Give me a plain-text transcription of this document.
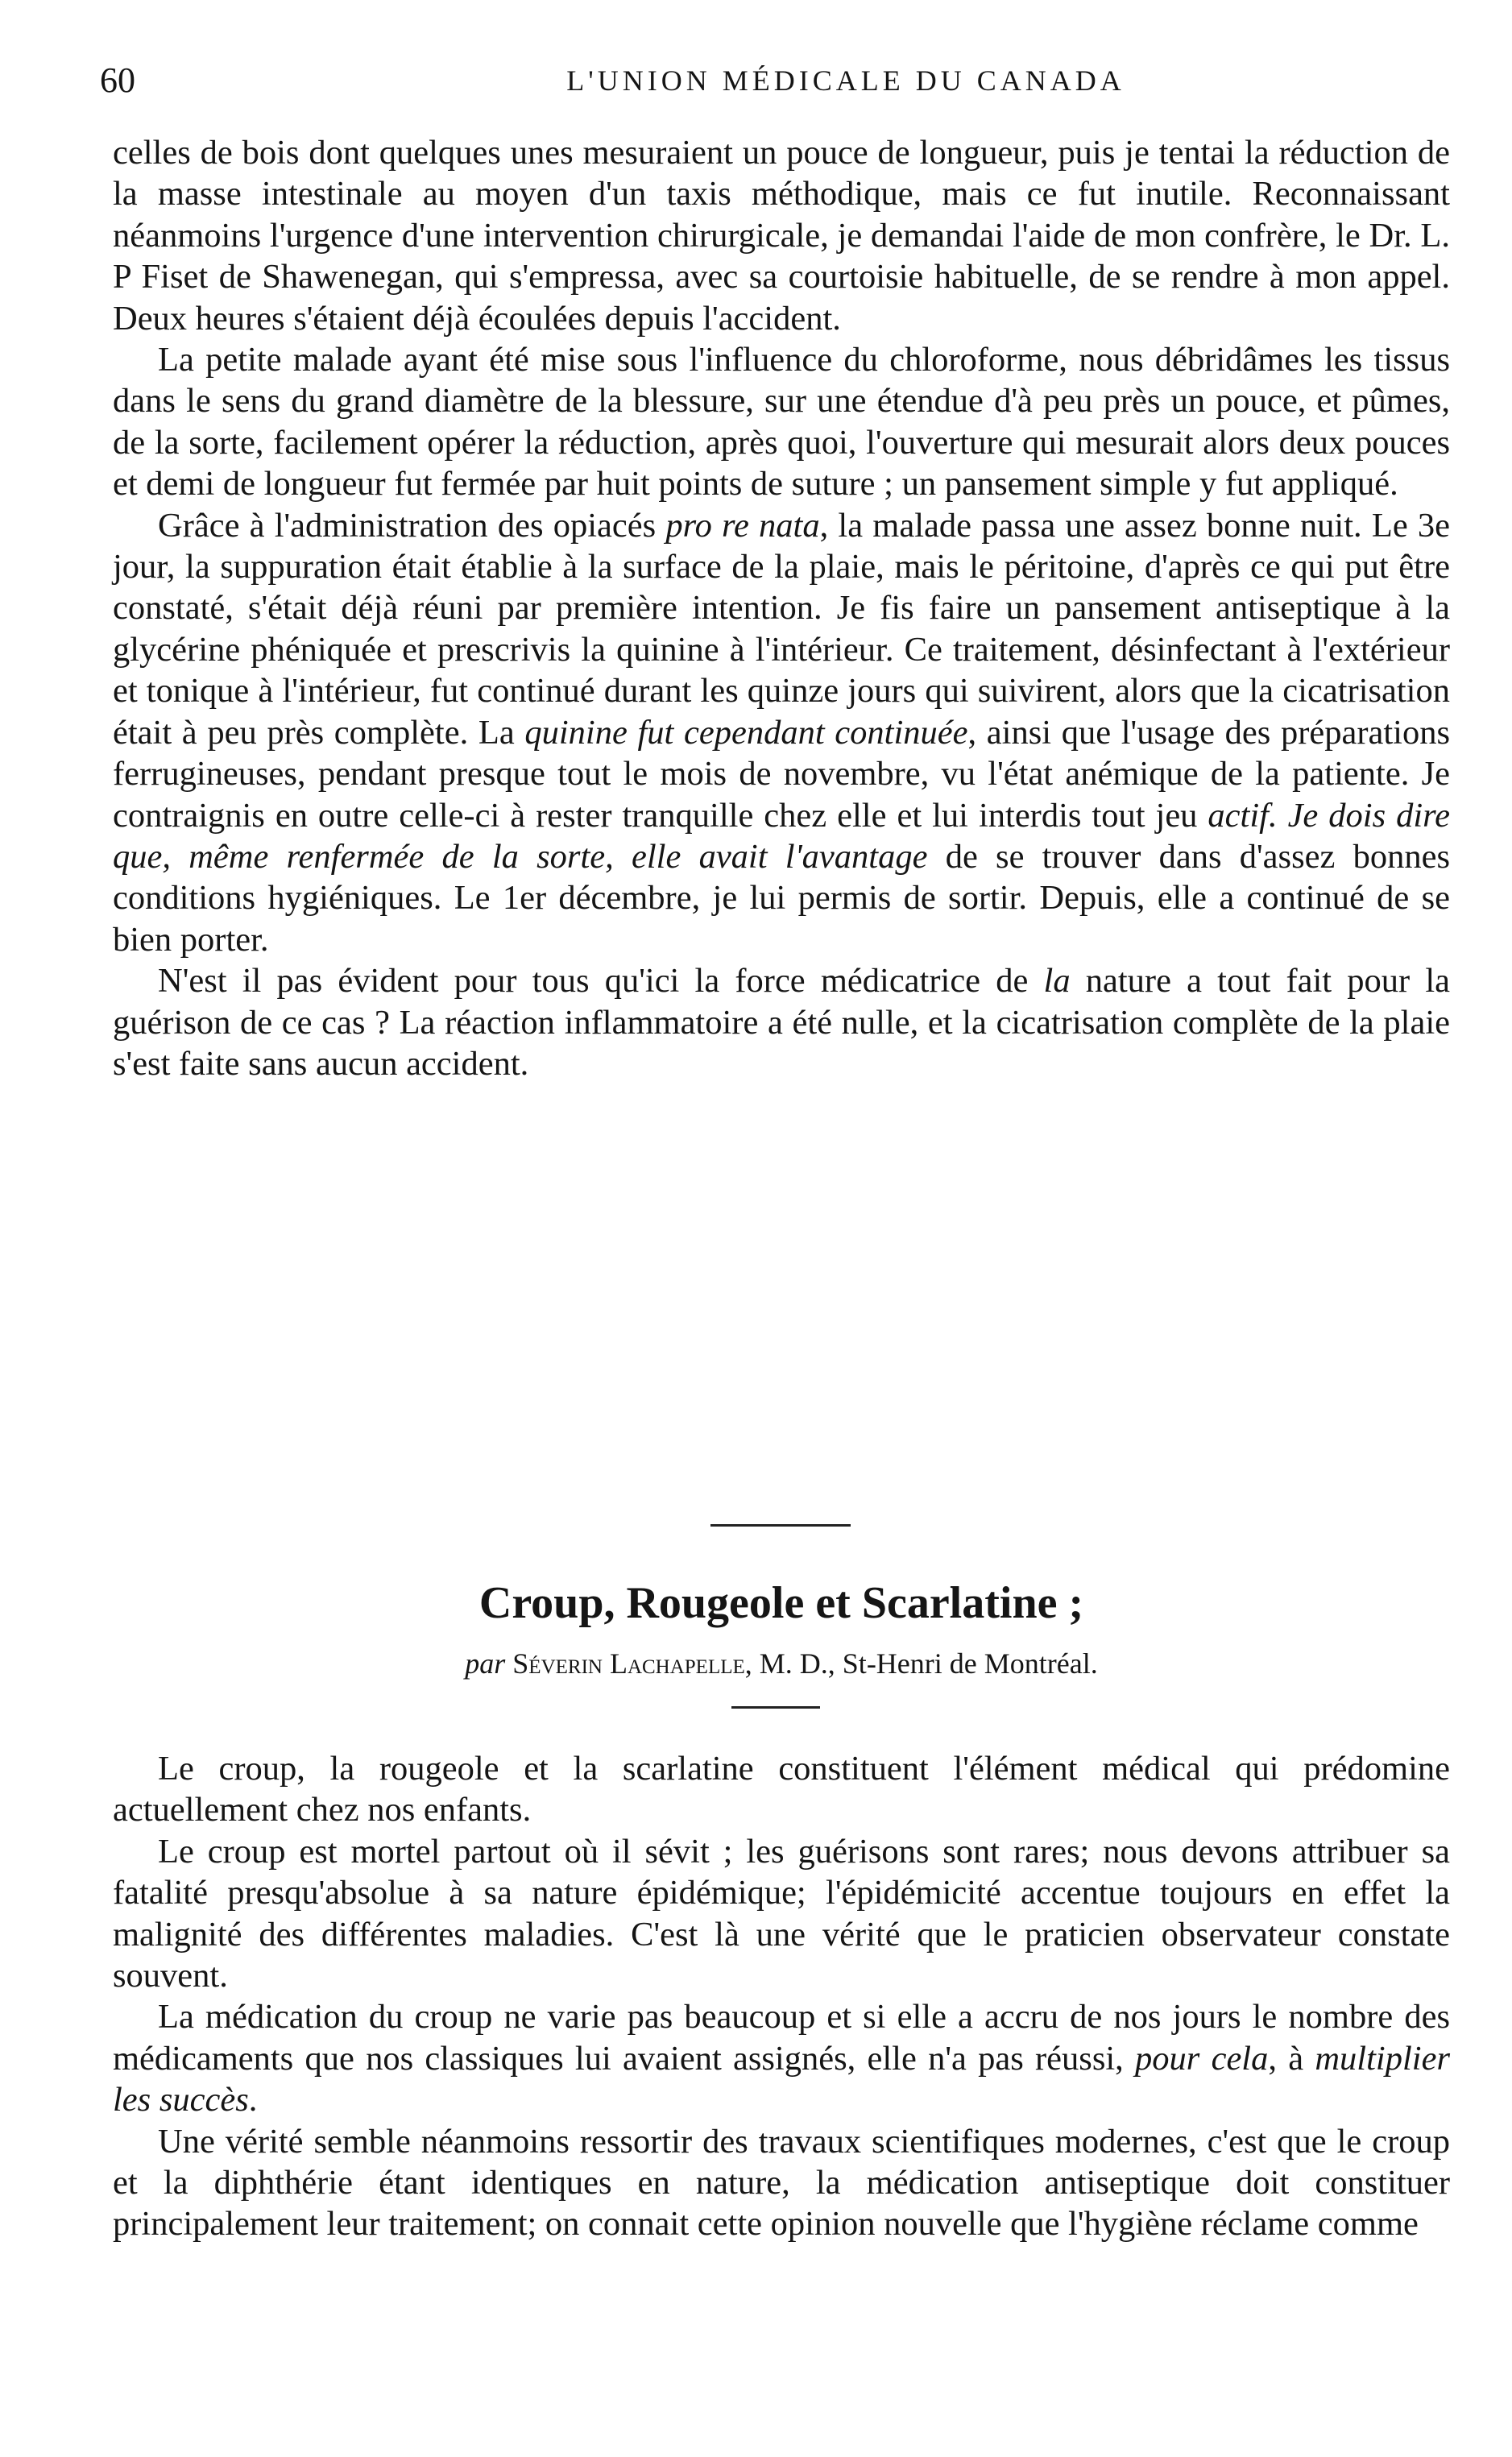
60	L'UNION MÉDICALE DU CANADA

celles de bois dont quelques unes mesuraient un pouce de longueur, puis je tentai la réduction de la masse intestinale au moyen d'un taxis méthodique, mais ce fut inutile. Reconnaissant néanmoins l'urgence d'une intervention chirurgicale, je demandai l'aide de mon confrère, le Dr. L. P Fiset de Shawenegan, qui s'empressa, avec sa courtoisie habituelle, de se rendre à mon appel. Deux heures s'étaient déjà écoulées depuis l'accident.

La petite malade ayant été mise sous l'influence du chloroforme, nous débridâmes les tissus dans le sens du grand diamètre de la blessure, sur une étendue d'à peu près un pouce, et pûmes, de la sorte, facilement opérer la réduction, après quoi, l'ouverture qui mesurait alors deux pouces et demi de longueur fut fermée par huit points de suture ; un pansement simple y fut appliqué.

Grâce à l'administration des opiacés pro re nata, la malade passa une assez bonne nuit. Le 3e jour, la suppuration était établie à la surface de la plaie, mais le péritoine, d'après ce qui put être constaté, s'était déjà réuni par première intention. Je fis faire un pansement antiseptique à la glycérine phéniquée et prescrivis la quinine à l'intérieur. Ce traitement, désinfectant à l'extérieur et tonique à l'intérieur, fut continué durant les quinze jours qui suivirent, alors que la cicatrisation était à peu près complète. La quinine fut cependant continuée, ainsi que l'usage des préparations ferrugineuses, pendant presque tout le mois de novembre, vu l'état anémique de la patiente. Je contraignis en outre celle-ci à rester tranquille chez elle et lui interdis tout jeu actif. Je dois dire que, même renfermée de la sorte, elle avait l'avantage de se trouver dans d'assez bonnes conditions hygiéniques. Le 1er décembre, je lui permis de sortir. Depuis, elle a continué de se bien porter.

N'est il pas évident pour tous qu'ici la force médicatrice de la nature a tout fait pour la guérison de ce cas ? La réaction inflammatoire a été nulle, et la cicatrisation complète de la plaie s'est faite sans aucun accident.

Croup, Rougeole et Scarlatine ;
par Séverin Lachapelle, M. D., St-Henri de Montréal.

Le croup, la rougeole et la scarlatine constituent l'élément médical qui prédomine actuellement chez nos enfants.

Le croup est mortel partout où il sévit ; les guérisons sont rares; nous devons attribuer sa fatalité presqu'absolue à sa nature épidémique; l'épidémicité accentue toujours en effet la malignité des différentes maladies. C'est là une vérité que le praticien observateur constate souvent.

La médication du croup ne varie pas beaucoup et si elle a accru de nos jours le nombre des médicaments que nos classiques lui avaient assignés, elle n'a pas réussi, pour cela, à multiplier les succès.

Une vérité semble néanmoins ressortir des travaux scientifiques modernes, c'est que le croup et la diphthérie étant identiques en nature, la médication antiseptique doit constituer principalement leur traitement; on connait cette opinion nouvelle que l'hygiène réclame comme
